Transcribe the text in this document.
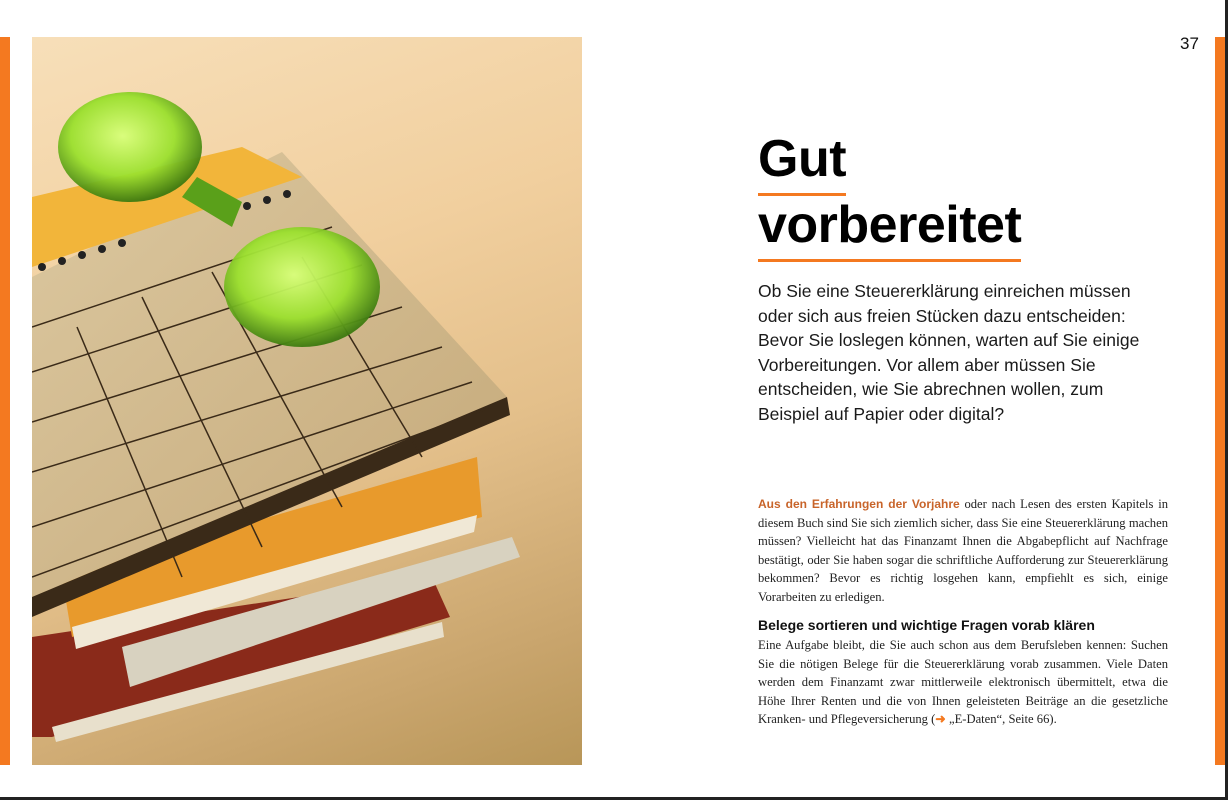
37
Gut
vorbereitet

Ob Sie eine Steuererklärung einreichen müssen oder sich aus freien Stücken dazu entscheiden: Bevor Sie loslegen können, warten auf Sie einige Vorbereitungen. Vor allem aber müssen Sie entscheiden, wie Sie abrechnen wollen, zum Beispiel auf Papier oder digital?

Aus den Erfahrungen der Vorjahre oder nach Lesen des ersten Kapitels in diesem Buch sind Sie sich ziemlich sicher, dass Sie eine Steuererklärung machen müssen? Vielleicht hat das Finanzamt Ihnen die Abgabepflicht auf Nachfrage bestätigt, oder Sie haben sogar die schriftliche Aufforderung zur Steuererklärung bekommen? Bevor es richtig losgehen kann, empfiehlt es sich, einige Vorarbeiten zu erledigen.

Belege sortieren und wichtige Fragen vorab klären

Eine Aufgabe bleibt, die Sie auch schon aus dem Berufsleben kennen: Suchen Sie die nötigen Belege für die Steuererklärung vorab zusammen. Viele Daten werden dem Finanzamt zwar mittlerweile elektronisch übermittelt, etwa die Höhe Ihrer Renten und die von Ihnen geleisteten Beiträge an die gesetzliche Kranken- und Pflegeversicherung (➜ „E-Daten“, Seite 66).
